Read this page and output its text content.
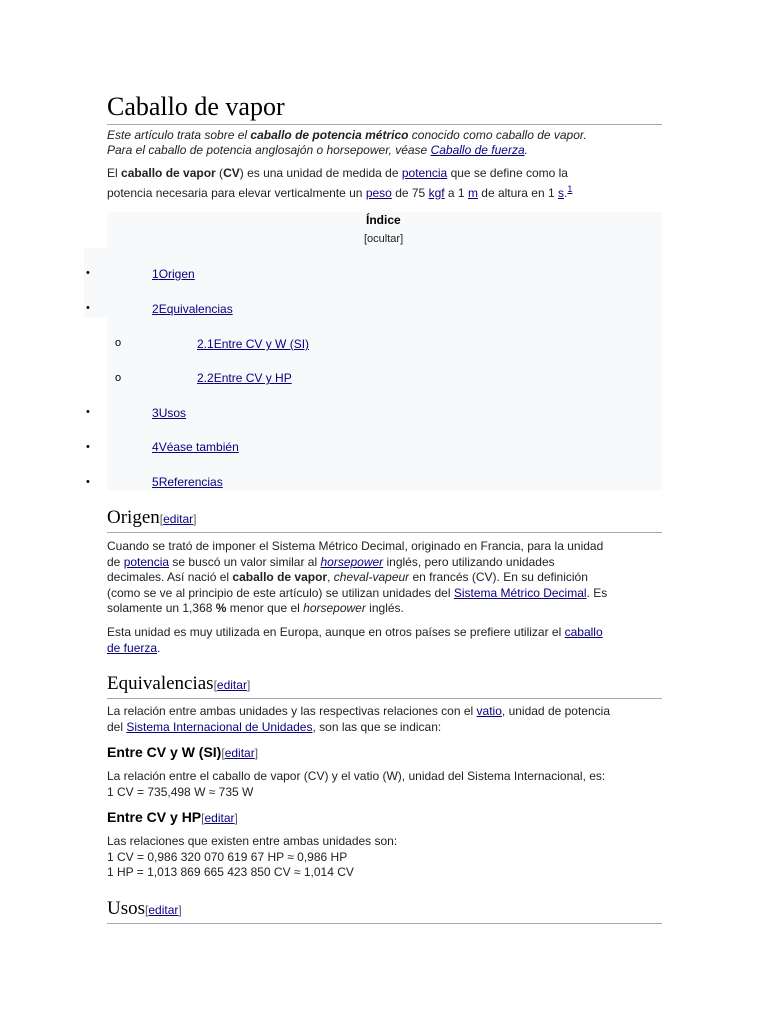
Caballo de vapor
Este artículo trata sobre el caballo de potencia métrico conocido como caballo de vapor.
Para el caballo de potencia anglosajón o horsepower, véase Caballo de fuerza.
El caballo de vapor (CV) es una unidad de medida de potencia que se define como la
potencia necesaria para elevar verticalmente un peso de 75 kgf a 1 m de altura en 1 s.$^1$
Índice
[ocultar]
•	1Origen
•	2Equivalencias
o	2.1Entre CV y W (SI)
o	2.2Entre CV y HP
•	3Usos
•	4Véase también
•	5Referencias
Origen[editar]
Cuando se trató de imponer el Sistema Métrico Decimal, originado en Francia, para la unidad
de potencia se buscó un valor similar al horsepower inglés, pero utilizando unidades
decimales. Así nació el caballo de vapor, cheval-vapeur en francés (CV). En su definición
(como se ve al principio de este artículo) se utilizan unidades del Sistema Métrico Decimal. Es
solamente un 1,368 % menor que el horsepower inglés.
Esta unidad es muy utilizada en Europa, aunque en otros países se prefiere utilizar el caballo
de fuerza.
Equivalencias[editar]
La relación entre ambas unidades y las respectivas relaciones con el vatio, unidad de potencia
del Sistema Internacional de Unidades, son las que se indican:
Entre CV y W (SI)[editar]
La relación entre el caballo de vapor (CV) y el vatio (W), unidad del Sistema Internacional, es:
1 CV = 735,498 W ≈ 735 W
Entre CV y HP[editar]
Las relaciones que existen entre ambas unidades son:
1 CV = 0,986 320 070 619 67 HP ≈ 0,986 HP
1 HP = 1,013 869 665 423 850 CV ≈ 1,014 CV
Usos[editar]
